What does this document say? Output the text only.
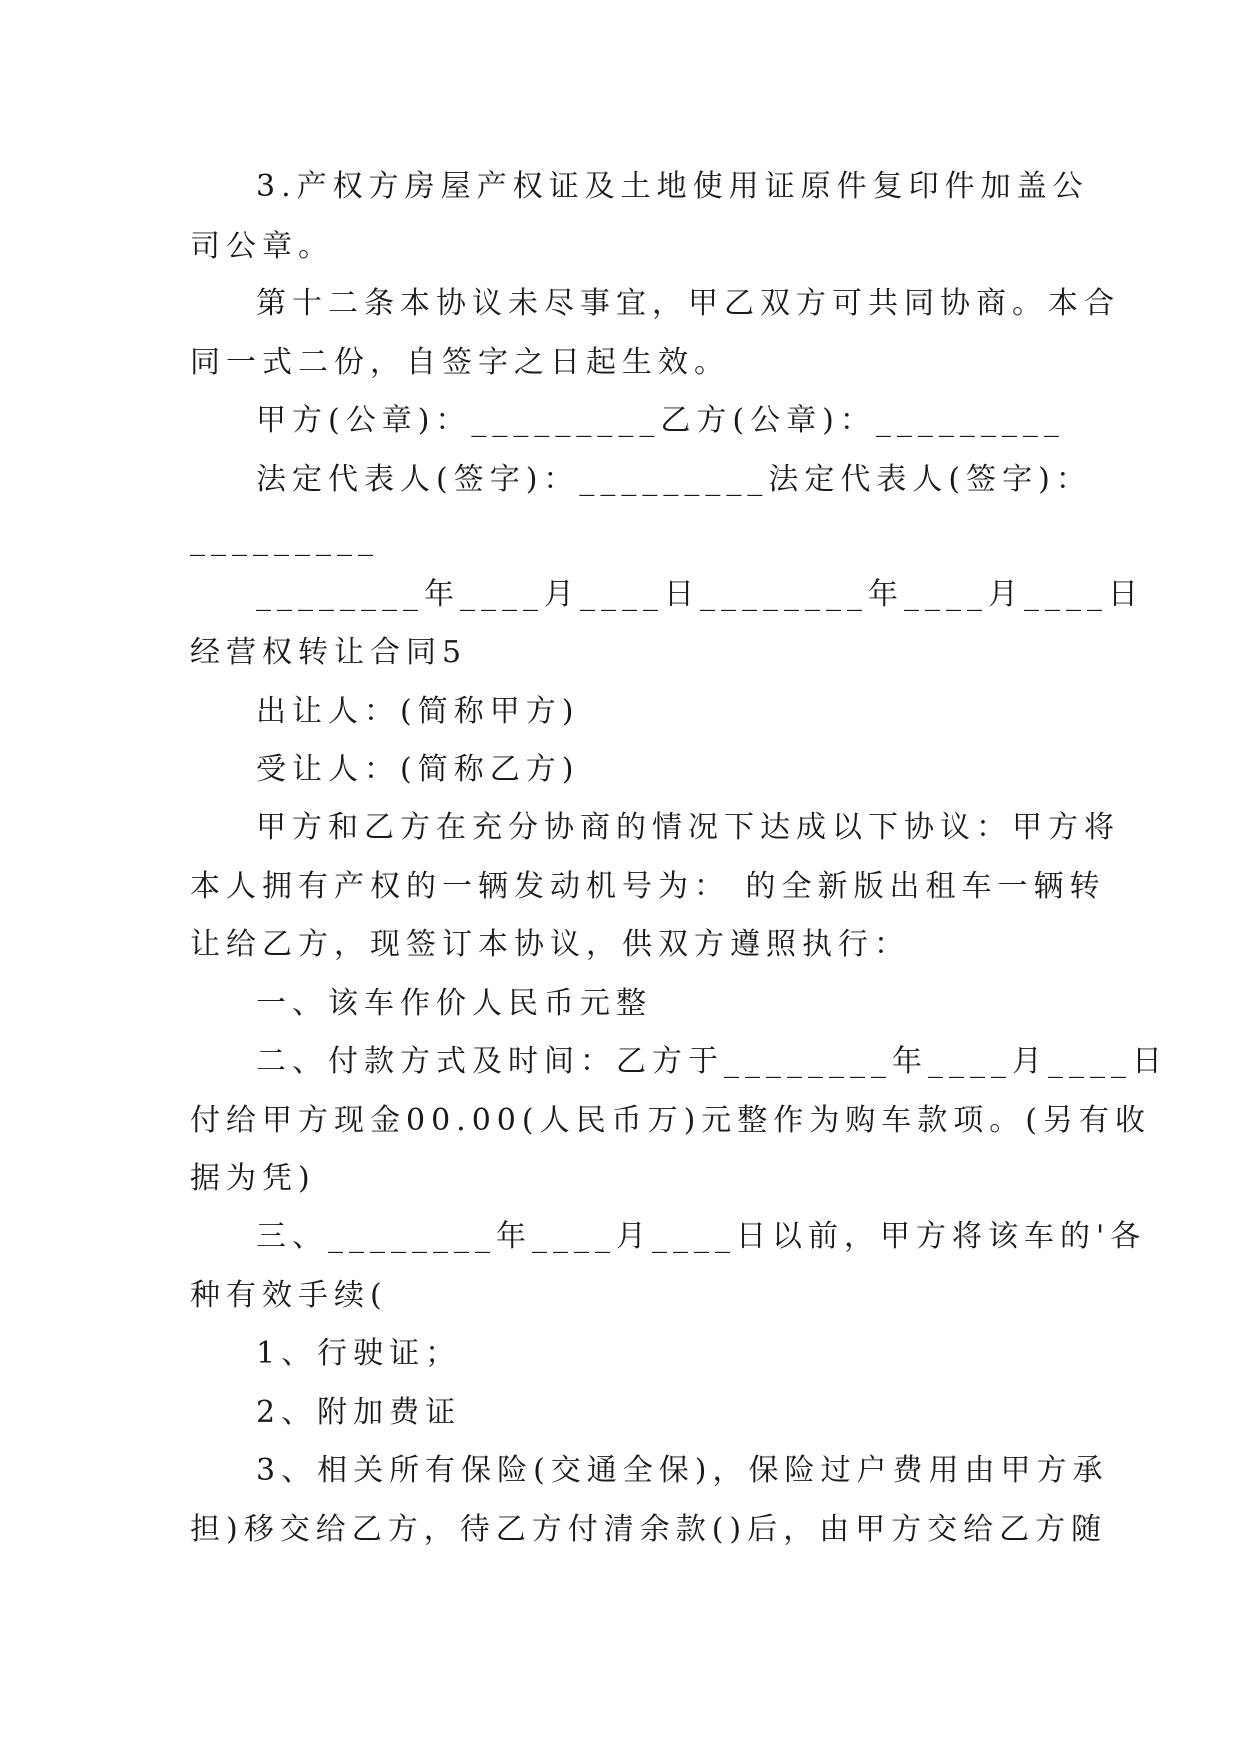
3.产权方房屋产权证及土地使用证原件复印件加盖公
司公章。
第十二条本协议未尽事宜，甲乙双方可共同协商。本合
同一式二份，自签字之日起生效。
甲方(公章)：_________乙方(公章)：_________
法定代表人(签字)：_________法定代表人(签字)：
_________
________年____月____日________年____月____日
经营权转让合同5
出让人：(简称甲方)
受让人：(简称乙方)
甲方和乙方在充分协商的情况下达成以下协议：甲方将
本人拥有产权的一辆发动机号为： 的全新版出租车一辆转
让给乙方，现签订本协议，供双方遵照执行：
一、该车作价人民币元整
二、付款方式及时间：乙方于________年____月____日
付给甲方现金00.00(人民币万)元整作为购车款项。(另有收
据为凭)
三、________年____月____日以前，甲方将该车的'各
种有效手续(
1、行驶证；
2、附加费证
3、相关所有保险(交通全保)，保险过户费用由甲方承
担)移交给乙方，待乙方付清余款()后，由甲方交给乙方随
